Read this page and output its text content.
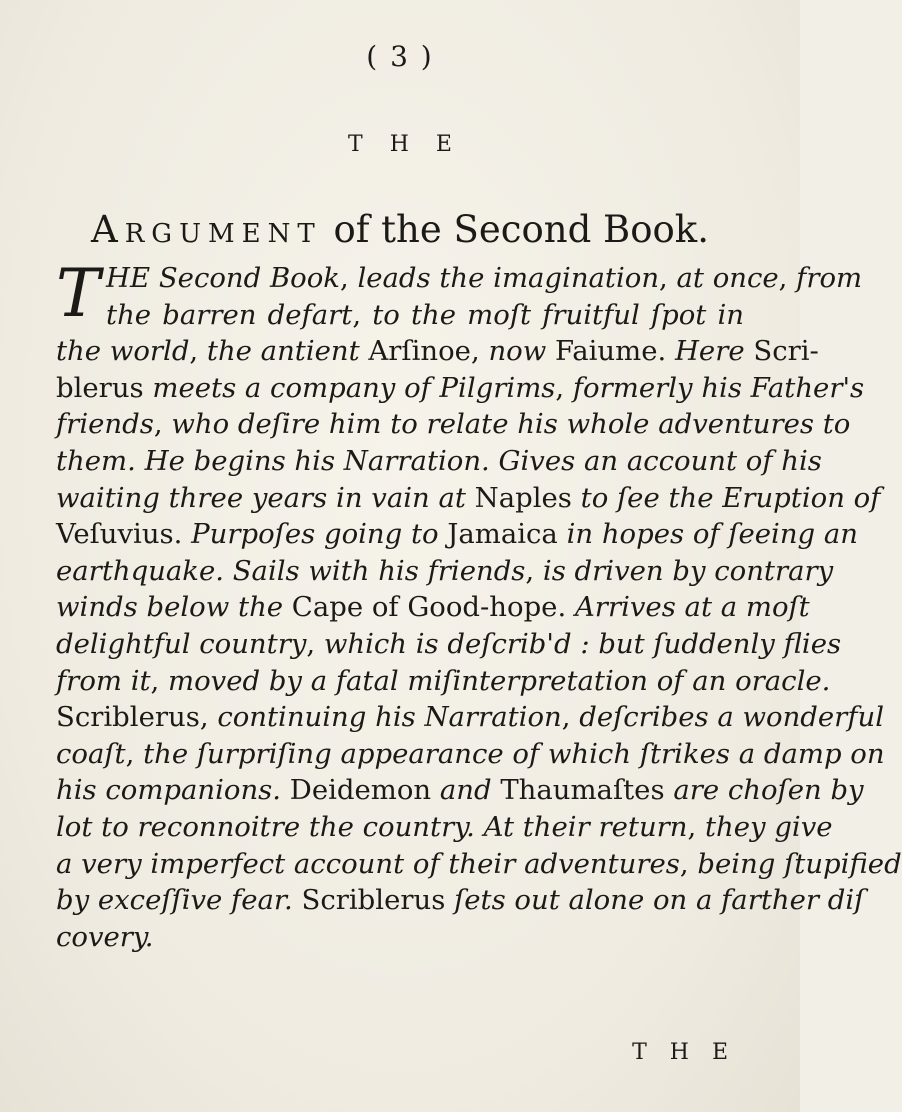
( 3 )
T H E
Argument of the Second Book.
T HE Second Book, leads the imagination, at once, from
the barren defart, to the moſt fruitful ſpot in
the world, the antient Arſinoe, now Faiume. Here Scri-
blerus meets a company of Pilgrims, formerly his Father's
friends, who deſire him to relate his whole adventures to
them. He begins his Narration. Gives an account of his
waiting three years in vain at Naples to ſee the Eruption of
Veſuvius. Purpoſes going to Jamaica in hopes of ſeeing an
earthquake. Sails with his friends, is driven by contrary
winds below the Cape of Good-hope. Arrives at a moſt
delightful country, which is deſcrib'd : but ſuddenly flies
from it, moved by a fatal miſinterpretation of an oracle.
Scriblerus, continuing his Narration, deſcribes a wonderful
coaſt, the ſurpriſing appearance of which ſtrikes a damp on
his companions. Deidemon and Thaumaſtes are choſen by
lot to reconnoitre the country. At their return, they give
a very imperfect account of their adventures, being ſtupified
by exceſſive fear. Scriblerus ſets out alone on a farther diſ
covery.
T H E
